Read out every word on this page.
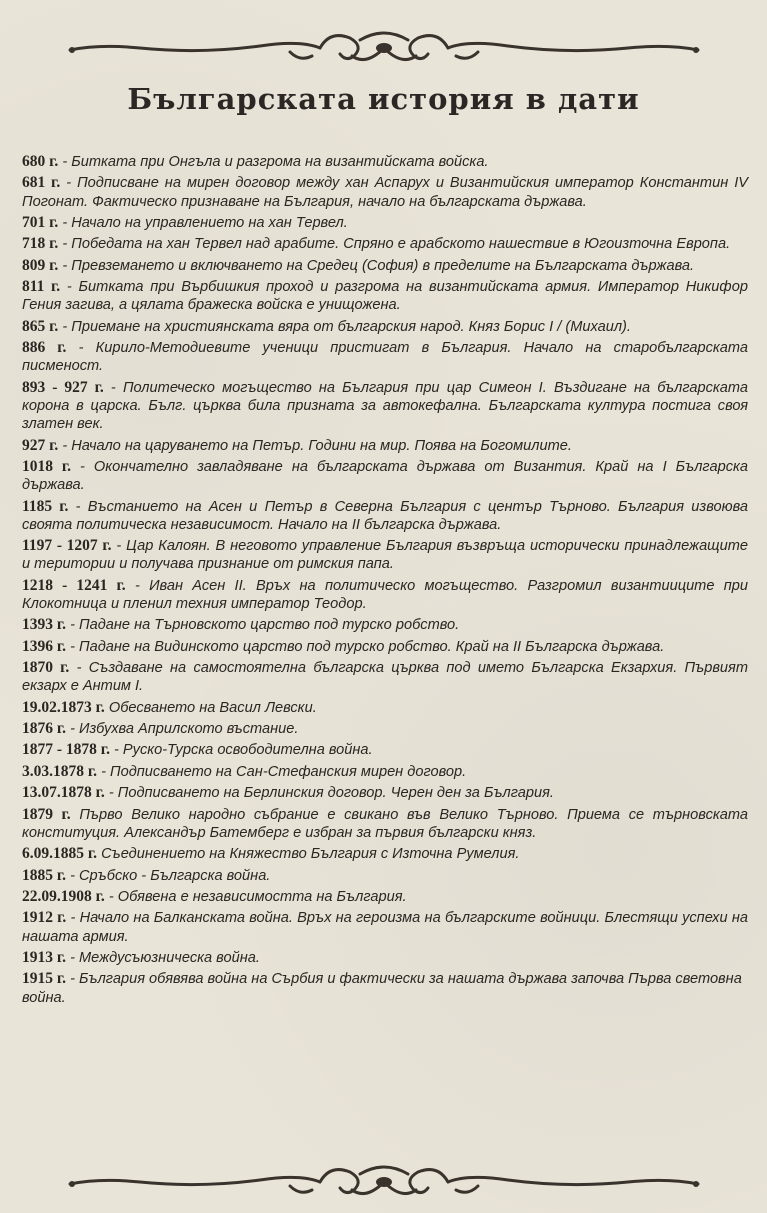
Българската история в дати

680 г. - Битката при Онгъла и разгрома на византийската войска.

681 г. - Подписване на мирен договор между хан Аспарух и Византийския император Константин IV Погонат. Фактическо признаване на България, начало на българската държава.

701 г. - Начало на управлението на хан Тервел.

718 г. - Победата на хан Тервел над арабите. Спряно е арабското нашествие в Югоизточна Европа.

809 г. - Превземането и включването на Средец (София) в пределите на Българската държава.

811 г. - Битката при Върбишкия проход и разгрома на византийската армия. Император Никифор Гения загива, а цялата бражеска войска е унищожена.

865 г. - Приемане на християнската вяра от българския народ. Княз Борис I / (Михаил).

886 г. - Кирило-Методиевите ученици пристигат в България. Начало на старобългарската писменост.

893 - 927 г. - Политеческо могъщество на България при цар Симеон I. Въздигане на българската корона в царска. Бълг. църква била призната за автокефална. Българската култура постига своя златен век.

927 г. - Начало на царуването на Петър. Години на мир. Поява на Богомилите.

1018 г. - Окончателно завладяване на българската държава от Византия. Край на I Българска държава.

1185 г. - Въстанието на Асен и Петър в Северна България с център Търново. България извоюва своята политическа независимост. Начало на II българска държава.

1197 - 1207 г. - Цар Калоян. В неговото управление България възвръща исторически принадлежащите и територии и получава признание от римския папа.

1218 - 1241 г. - Иван Асен II. Връх на политическо могъщество. Разгромил византиицuте при Клокотница и пленил техния император Теодор.

1393 г. - Падане на Търновското царство под турско робство.

1396 г. - Падане на Видинското царство под турско робство. Край на II Българска държава.

1870 г. - Създаване на самостоятелна българска църква под името Българска Екзархия. Първият екзарх е Антим I.

19.02.1873 г. Обесването на Васил Левски.

1876 г. - Избухва Априлското въстание.

1877 - 1878 г. - Руско-Турска освободителна война.

3.03.1878 г. - Подписването на Сан-Стефанския мирен договор.

13.07.1878 г. - Подписването на Берлинския договор. Черен ден за България.

1879 г. Първо Велико народно събрание е свикано във Велико Търново. Приема се търновската конституция. Александър Батемберг е избран за първия български княз.

6.09.1885 г. Съединението на Княжество България с Източна Румелия.

1885 г. - Сръбско - Българска война.

22.09.1908 г. - Обявена е независимостта на България.

1912 г. - Начало на Балканската война. Връх на героизма на българските войници. Блестящи успехи на нашата армия.

1913 г. - Междусъюзническа война.

1915 г. - България обявява война на Сърбия и фактически за нашата държава започва Първа световна война.
